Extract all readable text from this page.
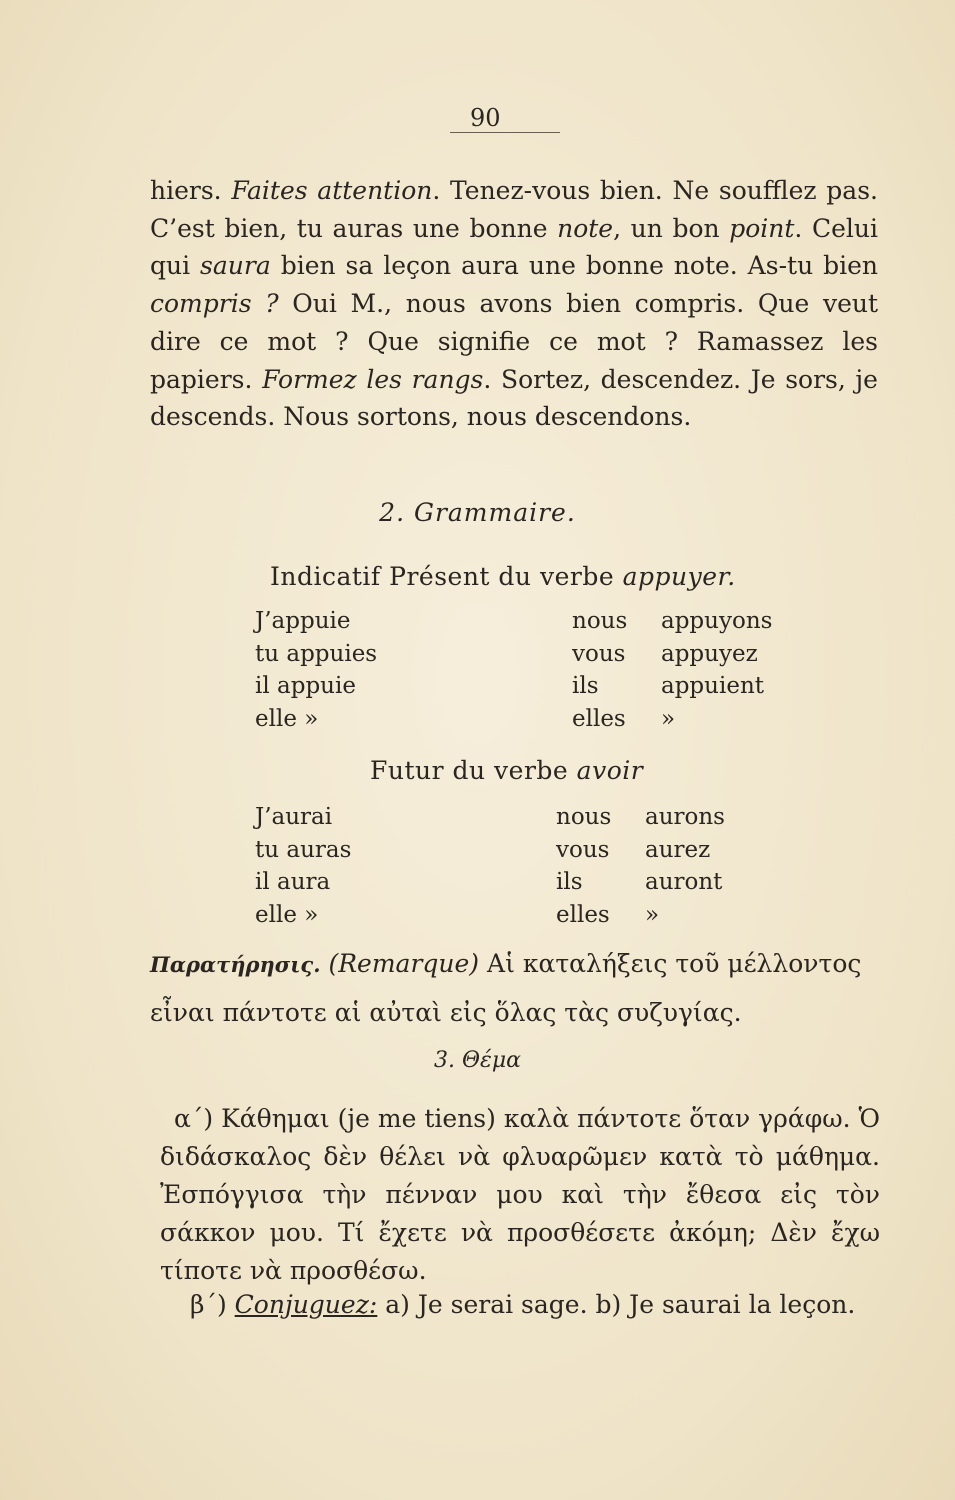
90
hiers. Faites attention. Tenez-vous bien. Ne soufflez pas. C’est bien, tu auras une bonne note, un bon point. Celui qui saura bien sa leçon aura une bonne note. As-tu bien compris ? Oui M., nous avons bien compris. Que veut dire ce mot ? Que signifie ce mot ? Ramassez les papiers. Formez les rangs. Sortez, descendez. Je sors, je descends. Nous sortons, nous descendons.
2. Grammaire.
Indicatif Présent du verbe appuyer.
J’appuie	nous appuyons
tu appuies	vous appuyez
il appuie	ils	appuient
elle »	elles »
Futur du verbe avoir
J’aurai	nous aurons
tu auras	vous aurez
il aura	ils	auront
elle »	elles »
Παρατήρησις. (Remarque) Αἱ καταλήξεις τοῦ μέλλοντος εἶναι πάντοτε αἱ αὐταὶ εἰς ὅλας τὰς συζυγίας.
3. Θέμα
α΄) Κάθημαι (je me tiens) καλὰ πάντοτε ὅταν γράφω. Ὁ διδάσκαλος δὲν θέλει νὰ φλυαρῶμεν κατὰ τὸ μάθημα. Ἐσπόγγισα τὴν πένναν μου καὶ τὴν ἔθεσα εἰς τὸν σάκκον μου. Τί ἔχετε νὰ προσθέσετε ἀκόμη; Δὲν ἔχω τίποτε νὰ προσθέσω.
β΄) Conjuguez: a) Je serai sage. b) Je saurai la leçon.
